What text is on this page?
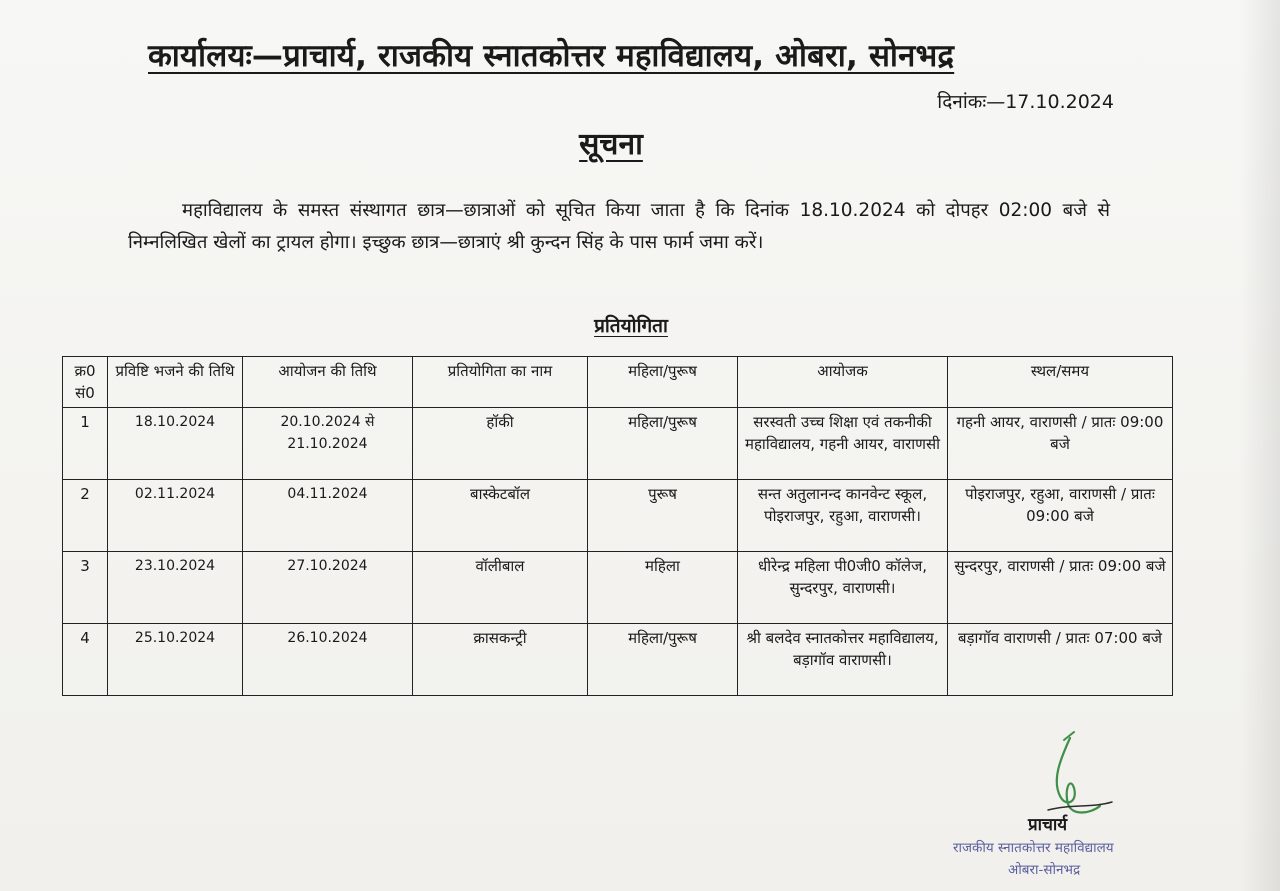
कार्यालयः—प्राचार्य, राजकीय स्नातकोत्तर महाविद्यालय, ओबरा, सोनभद्र
दिनांकः—17.10.2024
सूचना
महाविद्यालय के समस्त संस्थागत छात्र—छात्राओं को सूचित किया जाता है कि दिनांक 18.10.2024 को दोपहर 02:00 बजे से निम्नलिखित खेलों का ट्रायल होगा। इच्छुक छात्र—छात्राएं श्री कुन्दन सिंह के पास फार्म जमा करें।
प्रतियोगिता
क्र0 सं0	प्रविष्टि भजने की तिथि	आयोजन की तिथि	प्रतियोगिता का नाम	महिला/पुरूष	आयोजक	स्थल/समय
1	18.10.2024	20.10.2024 से 21.10.2024	हॉकी	महिला/पुरूष	सरस्वती उच्च शिक्षा एवं तकनीकी महाविद्यालय, गहनी आयर, वाराणसी	गहनी आयर, वाराणसी / प्रातः 09:00 बजे
2	02.11.2024	04.11.2024	बास्केटबॉल	पुरूष	सन्त अतुलानन्द कानवेन्ट स्कूल, पोइराजपुर, रहुआ, वाराणसी।	पोइराजपुर, रहुआ, वाराणसी / प्रातः 09:00 बजे
3	23.10.2024	27.10.2024	वॉलीबाल	महिला	धीरेन्द्र महिला पी0जी0 कॉलेज, सुन्दरपुर, वाराणसी।	सुन्दरपुर, वाराणसी / प्रातः 09:00 बजे
4	25.10.2024	26.10.2024	क्रासकन्ट्री	महिला/पुरूष	श्री बलदेव स्नातकोत्तर महाविद्यालय, बड़ागॉव वाराणसी।	बड़ागॉव वाराणसी / प्रातः 07:00 बजे
प्राचार्य
राजकीय स्नातकोत्तर महाविद्यालय
ओबरा-सोनभद्र
